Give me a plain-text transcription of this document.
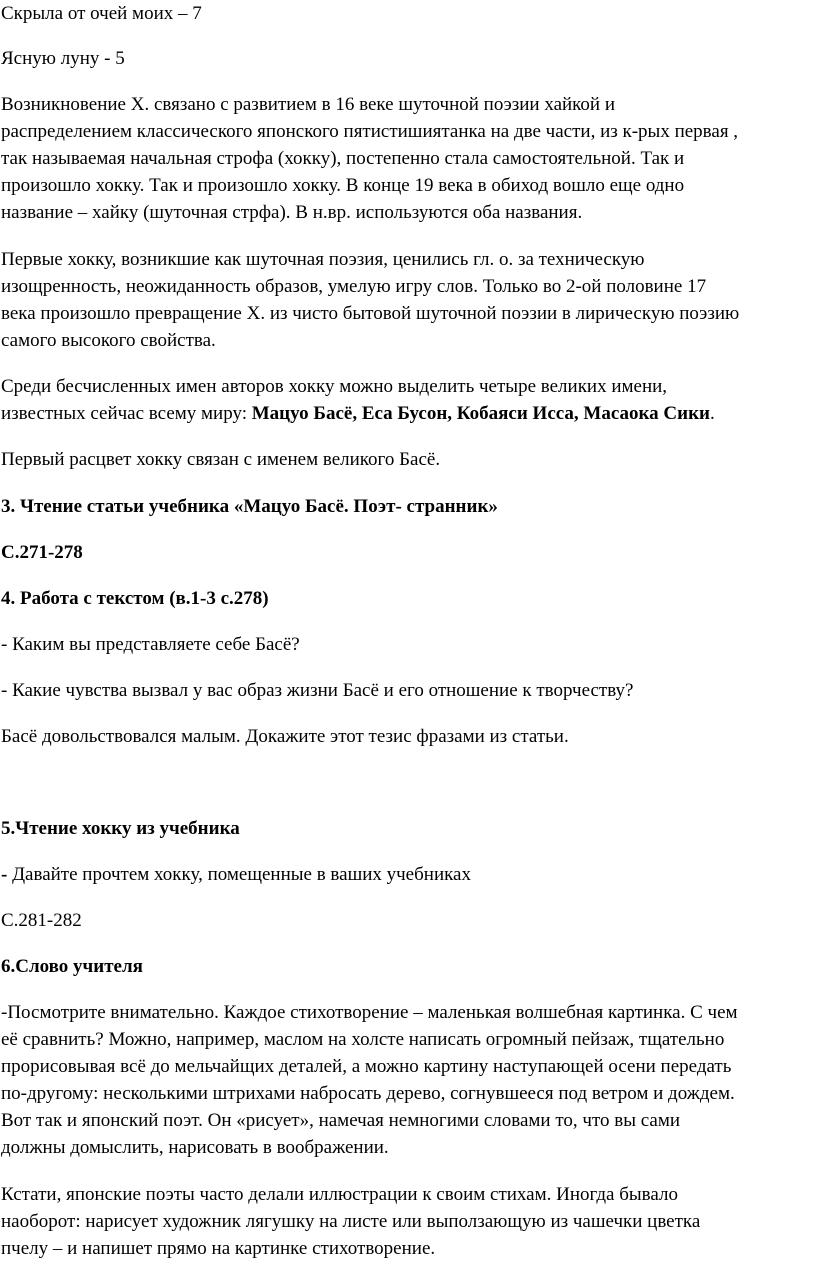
Скрыла от очей моих – 7

Ясную луну - 5

Возникновение Х. связано с развитием в 16 веке шуточной поэзии хайкой и
распределением классического японского пятистишиятанка на две части, из к-рых первая ,
так называемая начальная строфа (хокку), постепенно стала самостоятельной. Так и
произошло хокку. Так и произошло хокку. В конце 19 века в обиход вошло еще одно
название – хайку (шуточная стрфа). В н.вр. используются оба названия.

Первые хокку, возникшие как шуточная поэзия, ценились гл. о. за техническую
изощренность, неожиданность образов, умелую игру слов. Только во 2-ой половине 17
века произошло превращение Х. из чисто бытовой шуточной поэзии в лирическую поэзию
самого высокого свойства.

Среди бесчисленных имен авторов хокку можно выделить четыре великих имени,
известных сейчас всему миру: Мацуо Басё, Еса Бусон, Кобаяси Исса, Масаока Сики.

Первый расцвет хокку связан с именем великого Басё.

3. Чтение статьи учебника «Мацуо Басё. Поэт- странник»

С.271-278

4. Работа с текстом (в.1-3 с.278)

- Каким вы представляете себе Басё?

- Какие чувства вызвал у вас образ жизни Басё и его отношение к творчеству?

Басё довольствовался малым. Докажите этот тезис фразами из статьи.

5.Чтение хокку из учебника

- Давайте прочтем хокку, помещенные в ваших учебниках

С.281-282

6.Слово учителя

-Посмотрите внимательно. Каждое стихотворение – маленькая волшебная картинка. С чем
её сравнить? Можно, например, маслом на холсте написать огромный пейзаж, тщательно
прорисовывая всё до мельчайщих деталей, а можно картину наступающей осени передать
по-другому: несколькими штрихами набросать дерево, согнувшееся под ветром и дождем.
Вот так и японский поэт. Он «рисует», намечая немногими словами то, что вы сами
должны домыслить, нарисовать в воображении.

Кстати, японские поэты часто делали иллюстрации к своим стихам. Иногда бывало
наоборот: нарисует художник лягушку на листе или выползающую из чашечки цветка
пчелу – и напишет прямо на картинке стихотворение.
